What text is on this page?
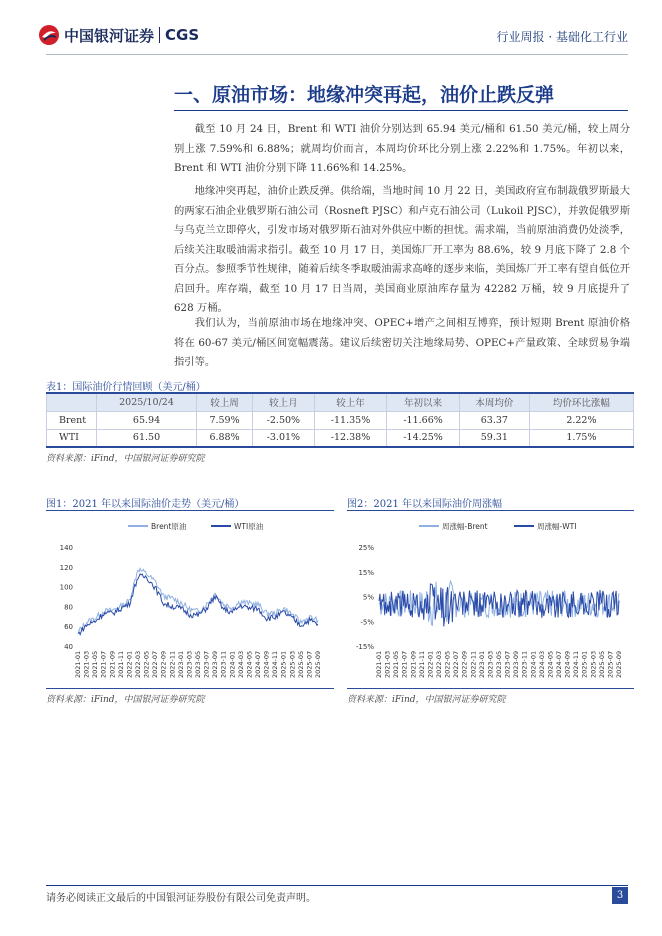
中国银河证券 CGS	行业周报 · 基础化工行业
一、原油市场：地缘冲突再起，油价止跌反弹

截至 10 月 24 日，Brent 和 WTI 油价分别达到 65.94 美元/桶和 61.50 美元/桶，较上周分别上涨 7.59%和 6.88%；就周均价而言，本周均价环比分别上涨 2.22%和 1.75%。年初以来，Brent 和 WTI 油价分别下降 11.66%和 14.25%。

地缘冲突再起，油价止跌反弹。供给端，当地时间 10 月 22 日，美国政府宣布制裁俄罗斯最大的两家石油企业俄罗斯石油公司（Rosneft PJSC）和卢克石油公司（Lukoil PJSC），并敦促俄罗斯与乌克兰立即停火，引发市场对俄罗斯石油对外供应中断的担忧。需求端，当前原油消费仍处淡季，后续关注取暖油需求指引。截至 10 月 17 日，美国炼厂开工率为 88.6%，较 9 月底下降了 2.8 个百分点。参照季节性规律，随着后续冬季取暖油需求高峰的逐步来临，美国炼厂开工率有望自低位开启回升。库存端，截至 10 月 17 日当周，美国商业原油库存量为 42282 万桶，较 9 月底提升了 628 万桶。

我们认为，当前原油市场在地缘冲突、OPEC+增产之间相互博弈，预计短期 Brent 原油价格将在 60-67 美元/桶区间宽幅震荡。建议后续密切关注地缘局势、OPEC+产量政策、全球贸易争端指引等。

表1：国际油价行情回顾（美元/桶）
	2025/10/24	较上周	较上月	较上年	年初以来	本周均价	均价环比涨幅
Brent	65.94	7.59%	-2.50%	-11.35%	-11.66%	63.37	2.22%
WTI	61.50	6.88%	-3.01%	-12.38%	-14.25%	59.31	1.75%
资料来源：iFind，中国银河证券研究院
图1：2021 年以来国际油价走势（美元/桶）
Brent原油	WTI原油
140
120
100
80
60
40
2021-01 2021-03 2021-05 2021-07 2021-09 2021-11 2022-01 2022-03 2022-05 2022-07 2022-09 2022-11 2023-01 2023-03 2023-05 2023-07 2023-09 2023-11 2024-01 2024-03 2024-05 2024-07 2024-09 2024-11 2025-01 2025-03 2025-05 2025-07 2025-09
资料来源：iFind，中国银河证券研究院
图2：2021 年以来国际油价周涨幅
周涨幅-Brent	周涨幅-WTI
25%
15%
5%
-5%
-15%
2021-01 2021-03 2021-05 2021-07 2021-09 2021-11 2022-01 2022-03 2022-05 2022-07 2022-09 2022-11 2023-01 2023-03 2023-05 2023-07 2023-09 2023-11 2024-01 2024-03 2024-05 2024-07 2024-09 2024-11 2025-01 2025-03 2025-05 2025-07 2025-09
资料来源：iFind，中国银河证券研究院
请务必阅读正文最后的中国银河证券股份有限公司免责声明。	3
